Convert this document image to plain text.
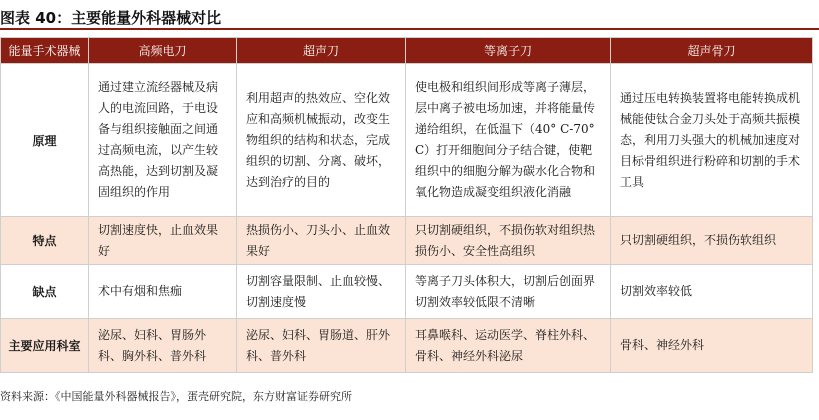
图表 40：主要能量外科器械对比
能量手术器械	高频电刀	超声刀	等离子刀	超声骨刀
原理	通过建立流经器械及病人的电流回路，于电设备与组织接触面之间通过高频电流，以产生较高热能，达到切割及凝固组织的作用	利用超声的热效应、空化效应和高频机械振动，改变生物组织的结构和状态，完成组织的切割、分离、破坏，达到治疗的目的	使电极和组织间形成等离子薄层，层中离子被电场加速，并将能量传递给组织，在低温下（40° C-70° C）打开细胞间分子结合键，使靶组织中的细胞分解为碳水化合物和氧化物造成凝变组织液化消融	通过压电转换装置将电能转换成机械能使钛合金刀头处于高频共振模态，利用刀头强大的机械加速度对目标骨组织进行粉碎和切割的手术工具
特点	切割速度快，止血效果好	热损伤小、刀头小、止血效果好	只切割硬组织，不损伤软对组织热损伤小、安全性高组织	只切割硬组织，不损伤软组织
缺点	术中有烟和焦痂	切割容量限制、止血较慢、切割速度慢	等离子刀头体积大，切割后创面界切割效率较低限不清晰	切割效率较低
主要应用科室	泌尿、妇科、胃肠外科、胸外科、普外科	泌尿、妇科、胃肠道、肝外科、普外科	耳鼻喉科、运动医学、脊柱外科、骨科、神经外科泌尿	骨科、神经外科
资料来源：《中国能量外科器械报告》，蛋壳研究院，东方财富证券研究所
